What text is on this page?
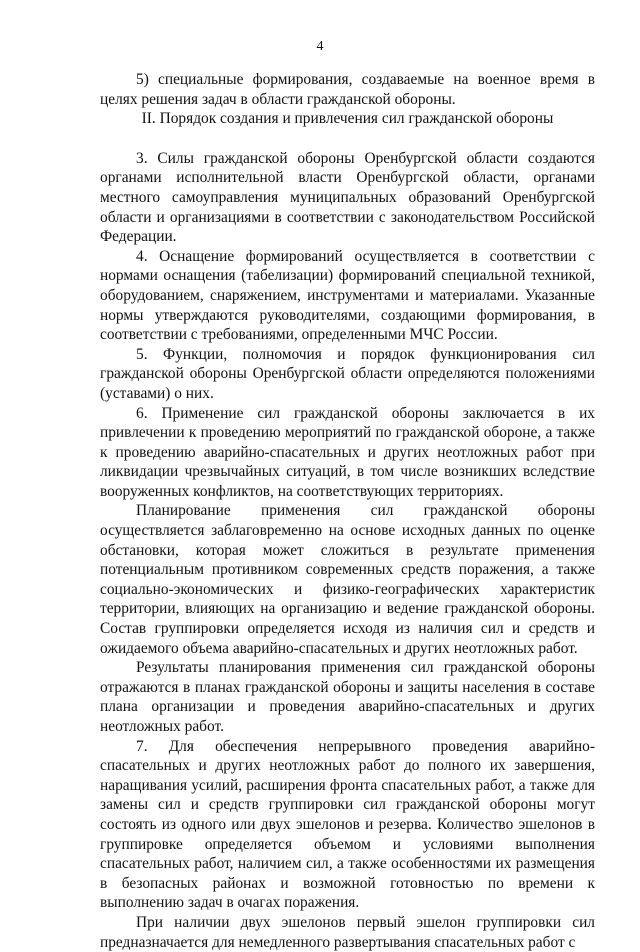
4

5) специальные формирования, создаваемые на военное время в целях решения задач в области гражданской обороны.

II. Порядок создания и привлечения сил гражданской обороны

3. Силы гражданской обороны Оренбургской области создаются органами исполнительной власти Оренбургской области, органами местного самоуправления муниципальных образований Оренбургской области и организациями в соответствии с законодательством Российской Федерации.

4. Оснащение формирований осуществляется в соответствии с нормами оснащения (табелизации) формирований специальной техникой, оборудованием, снаряжением, инструментами и материалами. Указанные нормы утверждаются руководителями, создающими формирования, в соответствии с требованиями, определенными МЧС России.

5. Функции, полномочия и порядок функционирования сил гражданской обороны Оренбургской области определяются положениями (уставами) о них.

6. Применение сил гражданской обороны заключается в их привлечении к проведению мероприятий по гражданской обороне, а также к проведению аварийно-спасательных и других неотложных работ при ликвидации чрезвычайных ситуаций, в том числе возникших вследствие вооруженных конфликтов, на соответствующих территориях.

Планирование применения сил гражданской обороны осуществляется заблаговременно на основе исходных данных по оценке обстановки, которая может сложиться в результате применения потенциальным противником современных средств поражения, а также социально-экономических и физико-географических характеристик территории, влияющих на организацию и ведение гражданской обороны. Состав группировки определяется исходя из наличия сил и средств и ожидаемого объема аварийно-спасательных и других неотложных работ.

Результаты планирования применения сил гражданской обороны отражаются в планах гражданской обороны и защиты населения в составе плана организации и проведения аварийно-спасательных и других неотложных работ.

7. Для обеспечения непрерывного проведения аварийно-спасательных и других неотложных работ до полного их завершения, наращивания усилий, расширения фронта спасательных работ, а также для замены сил и средств группировки сил гражданской обороны могут состоять из одного или двух эшелонов и резерва. Количество эшелонов в группировке определяется объемом и условиями выполнения спасательных работ, наличием сил, а также особенностями их размещения в безопасных районах и возможной готовностью по времени к выполнению задач в очагах поражения.

При наличии двух эшелонов первый эшелон группировки сил предназначается для немедленного развертывания спасательных работ с
